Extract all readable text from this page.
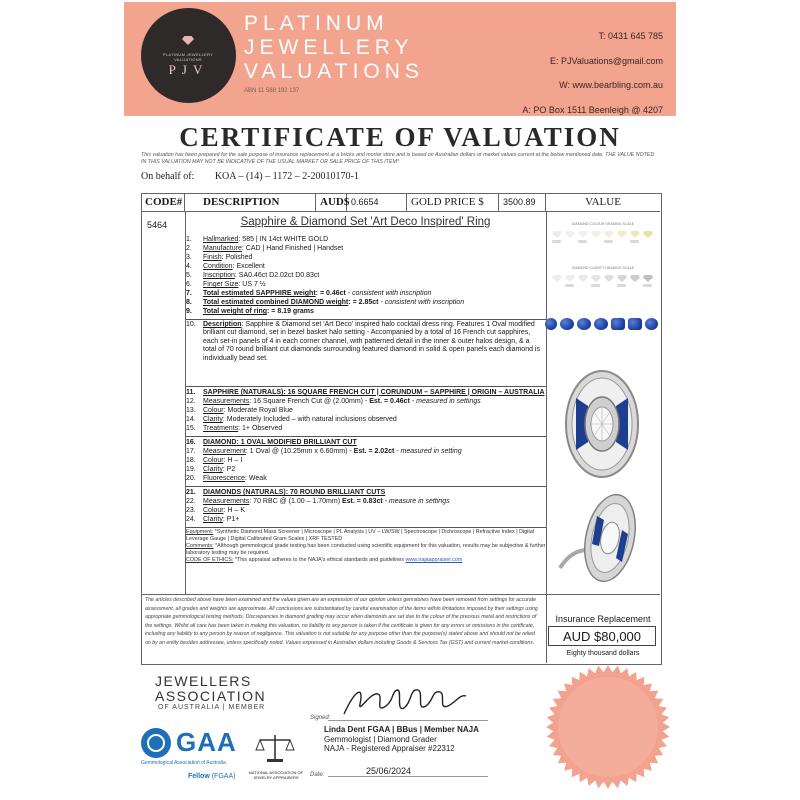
PLATINUM JEWELLERY VALUATIONS
PJV
PLATINUM
JEWELLERY
VALUATIONS
ABN 11 588 192 137
T: 0431 645 785
E: PJValuations@gmail.com
W: www.bearbling.com.au
A: PO Box 1511 Beenleigh @ 4207
CERTIFICATE OF VALUATION
This valuation has been prepared for the sale purpose of insurance replacement at a bricks and mortar store and is based on Australian dollars or market values current at the below mentioned date. THE VALUE NOTED IN THIS VALUATION MAY NOT BE INDICATIVE OF THE USUAL MARKET OR SALE PRICE OF THIS ITEM*
On behalf of: KOA – (14) – 1172 – 2-20010170-1
CODE#	DESCRIPTION	AUD$ 0.6654	GOLD PRICE $	3500.89	VALUE
5464	Sapphire & Diamond Set 'Art Deco Inspired' Ring
1. Hallmarked: 585 | IN 14ct WHITE GOLD
2. Manufacture: CAD | Hand Finished | Handset
3. Finish: Polished
4. Condition: Excellent
5. Inscription: SA0.46ct D2.02ct D0.83ct
6. Finger Size: US 7 ½
7. Total estimated SAPPHIRE weight: = 0.46ct - consistent with inscription
8. Total estimated combined DIAMOND weight: = 2.85ct - consistent with inscription
9. Total weight of ring: = 8.19 grams
10.	Description: Sapphire & Diamond set 'Art Deco' inspired halo cocktail dress ring. Features 1 Oval modified brilliant cut diamond, set in bezel basket halo setting - Accompanied by a total of 16 French cut sapphires, each set-in panels of 4 in each corner channel, with patterned detail in the inner & outer halos design, & a total of 70 round brilliant cut diamonds surrounding featured diamond in solid & open panels each diamond is individually bead set.
11. SAPPHIRE (NATURALS): 16 SQUARE FRENCH CUT | CORUNDUM – SAPPHIRE | ORIGIN – AUSTRALIA
12. Measurements: 16 Square French Cut @ (2.00mm) - Est. = 0.46ct - measured in settings
13. Colour: Moderate Royal Blue
14. Clarity: Moderately Included – with natural inclusions observed
15. Treatments: 1+ Observed
16. DIAMOND: 1 OVAL MODIFIED BRILLIANT CUT
17. Measurement: 1 Oval @ (10.25mm x 6.60mm) - Est. = 2.02ct - measured in setting
18. Colour: H – I
19. Clarity: P2
20. Fluorescence: Weak
21. DIAMONDS (NATURALS): 70 ROUND BRILLIANT CUTS
22. Measurements: 70 RBC @ (1.00 – 1.70mm) Est. = 0.83ct - measure in settings
23. Colour: H – K
24. Clarity: P1+
Equipment: *Synthetic Diamond Mass Screener | Microscope | PL Analysis | UV – LW/SW | Spectroscope | Dichroscope | Refractive Index | Digital Leverage Gauge | Digital Calibrated Gram Scales | XRF TESTED
Comments: *Although gemmological grade testing has been conducted using scientific equipment for this valuation, results may be subjective & further laboratory testing may be required.
CODE OF ETHICS: *This appraisal adheres to the NAJA's ethical standards and guidelines www.najaappraiser.com
DIAMOND COLOUR GRADING SCALE
DIAMOND CLARITY GRADING SCALE
The articles described above have been examined and the values given are an expression of our opinion unless gemstones have been removed from settings for accurate assessment, all grades and weights are approximate. All conclusions are substantiated by careful examination of the items within limitations imposed by their settings using appropriate gemmological testing methods. Discrepancies in diamond grading may occur when diamonds are set due to the colour of the precious metal and restrictions of the settings. Whilst all care has been taken in making this valuation, no liability to any person is taken if the certificate is given for any errors or omissions in the certificate, including any liability to any person by reason of negligence. This valuation is not suitable for any purpose other than the purpose(s) stated above and should not be relied on by an entity besides addressee, unless specifically noted. Values expressed in Australian dollars including Goods & Services Tax (GST) and current market conditions.
Insurance Replacement
AUD $80,000
Eighty thousand dollars
JEWELLERS
ASSOCIATION
OF AUSTRALIA | MEMBER
GAA
Gemmological Association of Australia
Fellow (FGAA)
NATIONAL ASSOCIATION OF JEWELRY APPRAISERS
Signed:
Linda Dent FGAA | BBus | Member NAJA
Gemmologist | Diamond Grader
NAJA - Registered Appraiser #22312
Date:	25/06/2024
